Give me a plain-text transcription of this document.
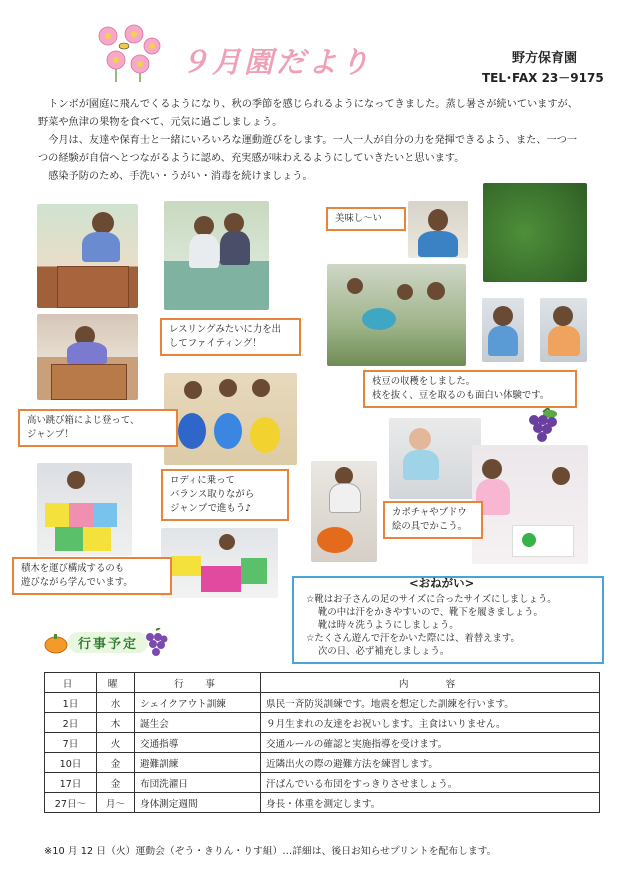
９月園だより	野方保育園
TEL･FAX 23－9175

トンボが園庭に飛んでくるようになり、秋の季節を感じられるようになってきました。蒸し暑さが続いていますが、野菜や魚津の果物を食べて、元気に過ごしましょう。

今月は、友達や保育士と一緒にいろいろな運動遊びをします。一人一人が自分の力を発揮できるよう、また、一つ一つの経験が自信へとつながるように認め、充実感が味わえるようにしていきたいと思います。

感染予防のため、手洗い・うがい・消毒を続けましょう。

高い跳び箱によじ登って、
ジャンプ！
レスリングみたいに力を出
してファイティング！
ロディに乗って
バランス取りながら
ジャンプで進もう♪
積木を運び構成するのも
遊びながら学んでいます。
美味し～い
枝豆の収穫をしました。
枝を抜く、豆を取るのも面白い体験です。
カボチャやブドウ
絵の具でかこう。
<おねがい>
☆靴はお子さんの足のサイズに合ったサイズにしましょう。
靴の中は汗をかきやすいので、靴下を履きましょう。
靴は時々洗うようにしましょう。
☆たくさん遊んで汗をかいた際には、着替えます。
次の日、必ず補充しましょう。
行事予定
日	曜	行　事	内　　容
1日	水	シェイクアウト訓練	県民一斉防災訓練です。地震を想定した訓練を行います。
2日	木	誕生会	９月生まれの友達をお祝いします。主食はいりません。
7日	火	交通指導	交通ルールの確認と実施指導を受けます。
10日	金	避難訓練	近隣出火の際の避難方法を練習します。
17日	金	布団洗濯日	汗ばんでいる布団をすっきりさせましょう。
27日～	月～	身体測定週間	身長・体重を測定します。
※10 月 12 日（火）運動会（ぞう・きりん・りす組）…詳細は、後日お知らせプリントを配布します。
